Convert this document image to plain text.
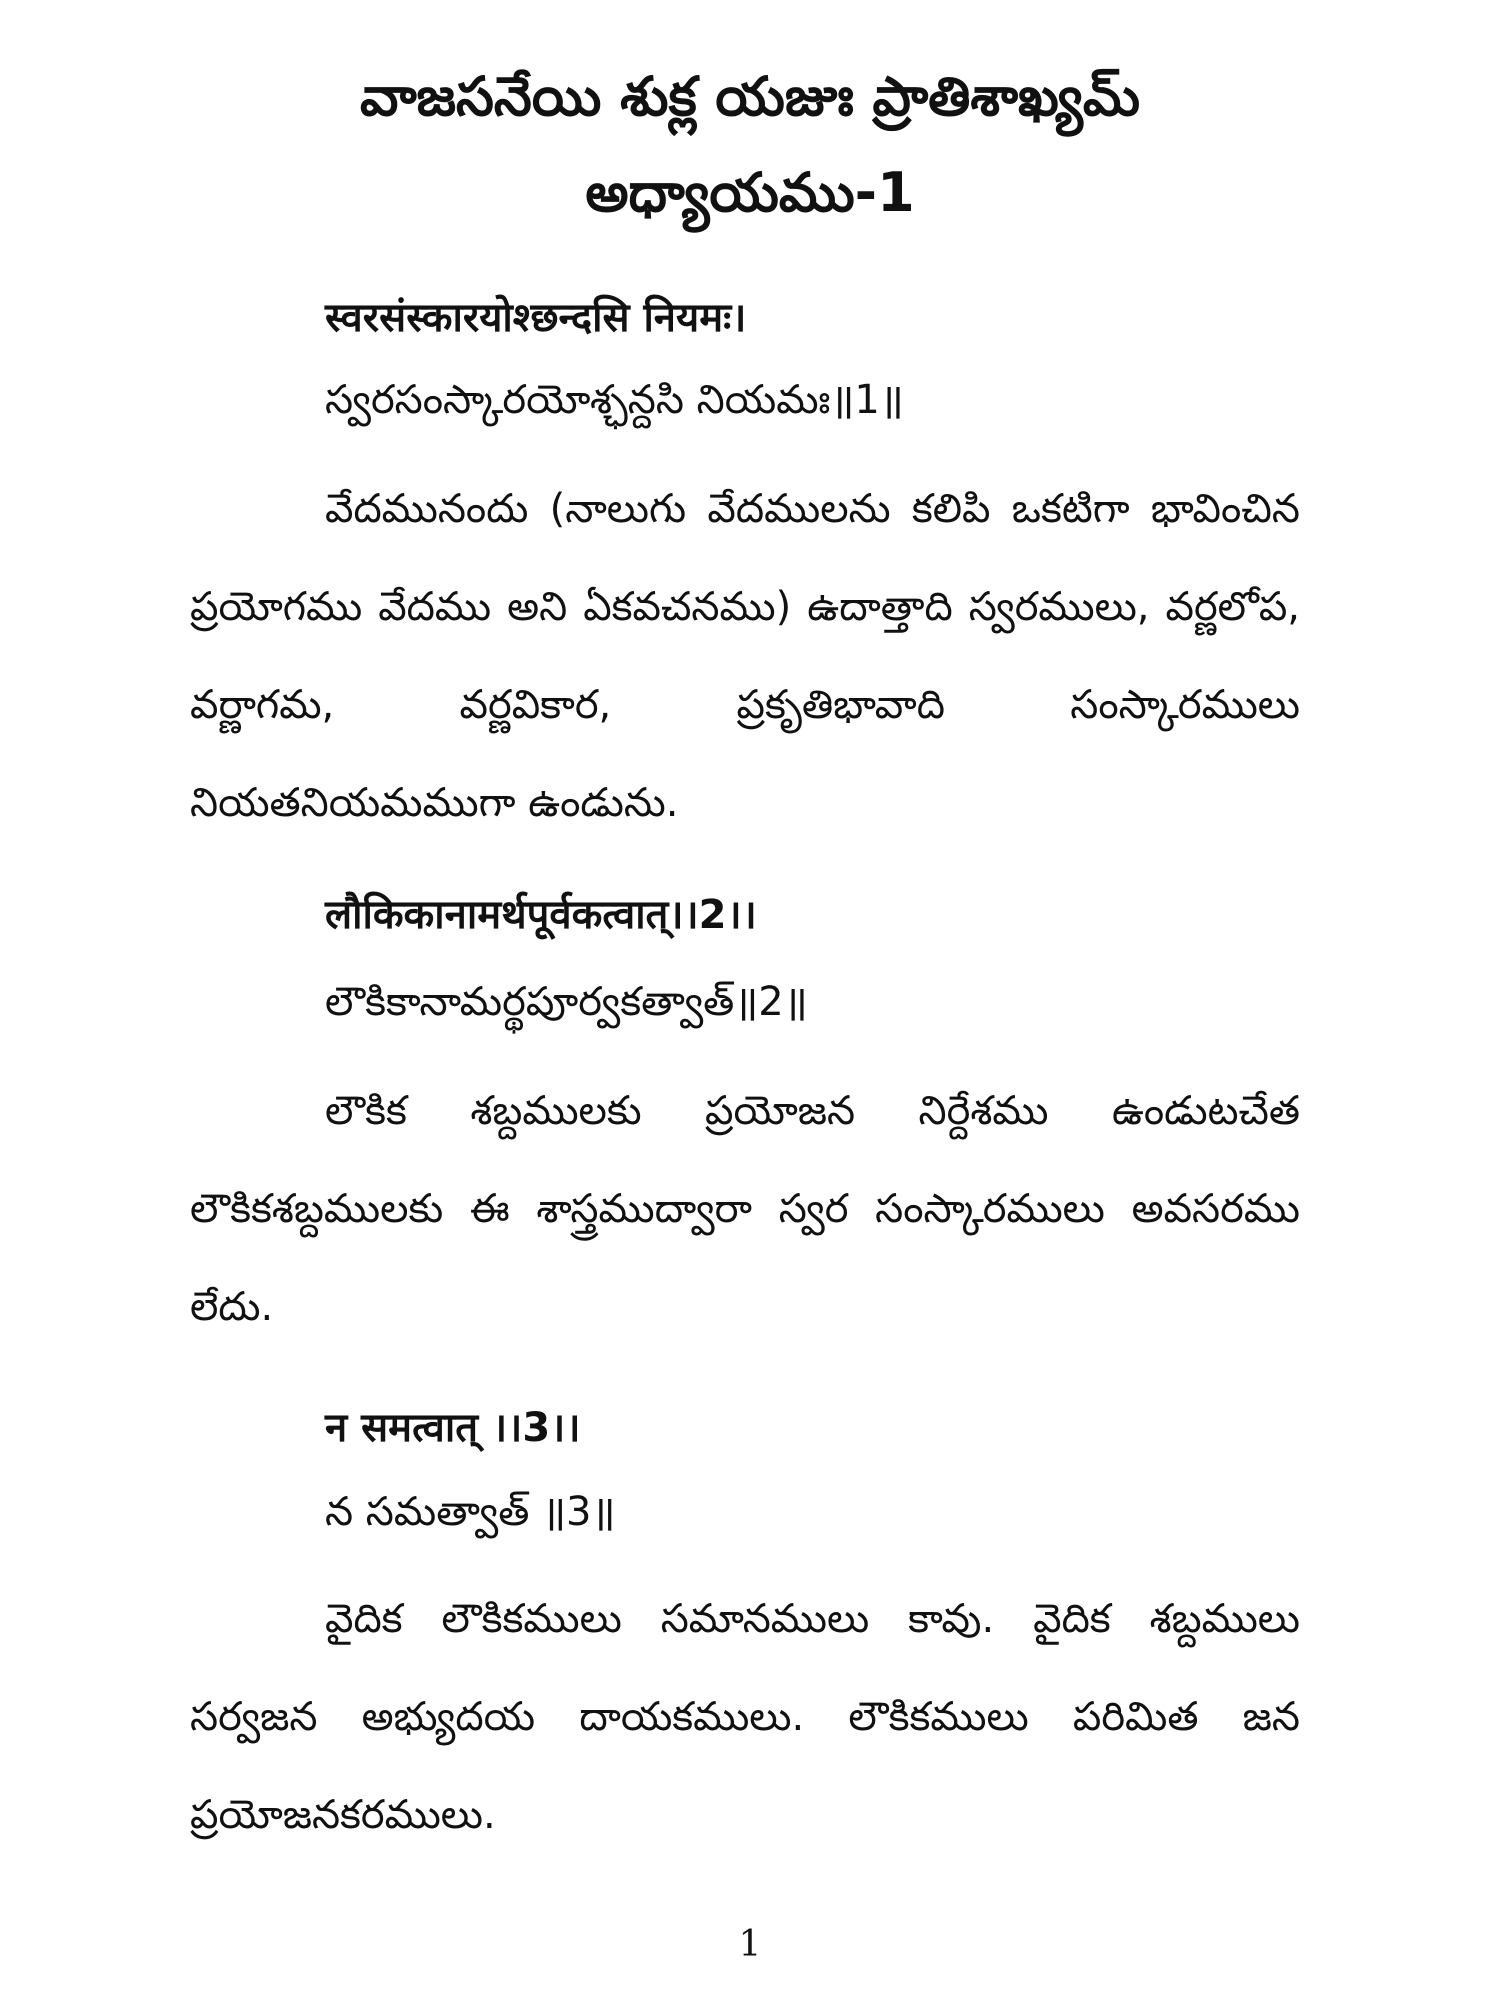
వాజసనేయి శుక్ల యజుః ప్రాతిశాఖ్యమ్
అధ్యాయము-1
स्वरसंस्कारयोश्छन्दसि नियमः।
స్వరసంస్కారయోశ్ఛన్దసి నియమః॥1॥

వేదమునందు (నాలుగు వేదములను కలిపి ఒకటిగా భావించిన ప్రయోగము వేదము అని ఏకవచనము) ఉదాత్తాది స్వరములు, వర్ణలోప, వర్ణాగమ, వర్ణవికార, ప్రకృతిభావాది సంస్కారములు నియతనియమముగా ఉండును.

लौकिकानामर्थपूर्वकत्वात्।।2।।
లౌకికానామర్థపూర్వకత్వాత్॥2॥

లౌకిక శబ్దములకు ప్రయోజన నిర్దేశము ఉండుటచేత లౌకికశబ్దములకు ఈ శాస్త్రముద్వారా స్వర సంస్కారములు అవసరము లేదు.

न समत्वात् ।।3।।
న సమత్వాత్ ॥3॥

వైదిక లౌకికములు సమానములు కావు. వైదిక శబ్దములు సర్వజన అభ్యుదయ దాయకములు. లౌకికములు పరిమిత జన ప్రయోజనకరములు.

1
